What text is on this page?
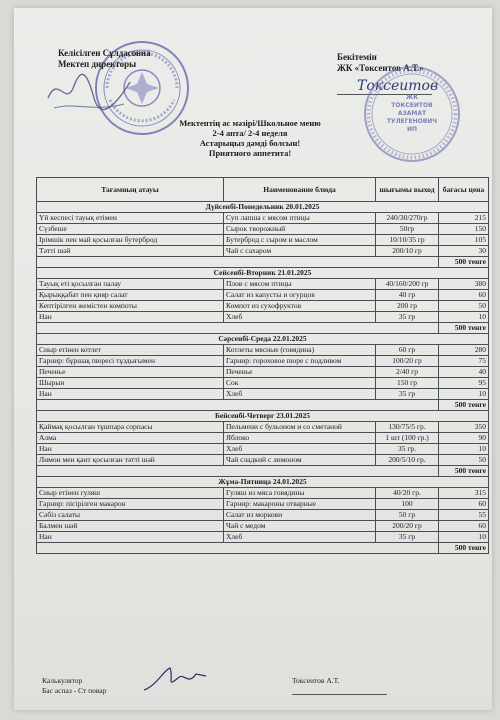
Келісілген Сұлдасовна
Мектеп директоры
Бекітемін
ЖК «Токсеитов А.Т.»
Токсеитов
ЖК
ТОКСЕИТОВ
АЗАМАТ
ТУЛЕГЕНОВИЧ
ИП
Мектептің ас мәзірі/Школьное меню
2-4 апта/ 2-4 неделя
Астарыңыз дәмді болсын!
Приятного аппетита!
Тағамның атауы	Наименование блюда	шығымы выход	бағасы цена
Дүйсенбі-Понедельник 20.01.2025			
Үй кеспесі тауық етімен	Суп лапша с мясом птицы	240/30/270гр	215
Сүзбеше	Сырок творожный	50гр	150
Ірімшік пен май қосылған бутерброд	Бутерброд с сыром и маслом	10/10/35 гр	105
Тәтті шәй	Чай с сахаром	200/10 гр	30
			500 тенге
Сейсенбі-Вторник 21.01.2025			
Тауық еті қосылған палау	Плов с мясом птицы	40/160/200 гр	380
Қырыққабат пен қияр салат	Салат из капусты и огурцов	40 гр	60
Кептірілген жемістен компоты	Компот из сухофруктов	200 гр	50
Нан	Хлеб	35 гр	10
			500 тенге
Сәрсенбі-Среда 22.01.2025			
Сиыр етінен котлет	Котлеты мясные (говядина)	60 гр	280
Гарнир: бұршақ пюресі тұздығымен	Гарнир: гороховое пюре с подливом	100/20 гр	75
Печенье	Печенье	2/40 гр	40
Шырын	Сок	150 гр	95
Нан	Хлеб	35 гр	10
			500 тенге
Бейсенбі-Четверг 23.01.2025			
Қаймақ қосылған тұшпара сорпасы	Пельмени с бульоном и со сметаной	130/75/5 гр.	350
Алма	Яблоко	1 шт (100 гр.)	90
Нан	Хлеб	35 гр.	10
Лимон мен қант қосылған тәтті шәй	Чай сладкий с лимоном	200/5/10 гр.	50
			500 тенге
Жұма-Пятница 24.01.2025			
Сиыр етінен гуляш	Гуляш из мяса говядины	40/20 гр.	315
Гарнир: пісірілген макарон	Гарнир: макароны отварные	100	60
Сәбіз салаты	Салат из моркови	50 гр	55
Балмен шәй	Чай с медом	200/20 гр	60
Нан	Хлеб	35 гр	10
			500 тенге
Калькулятор
Бас аспаз - Ст повар
Токсеитов А.Т.
